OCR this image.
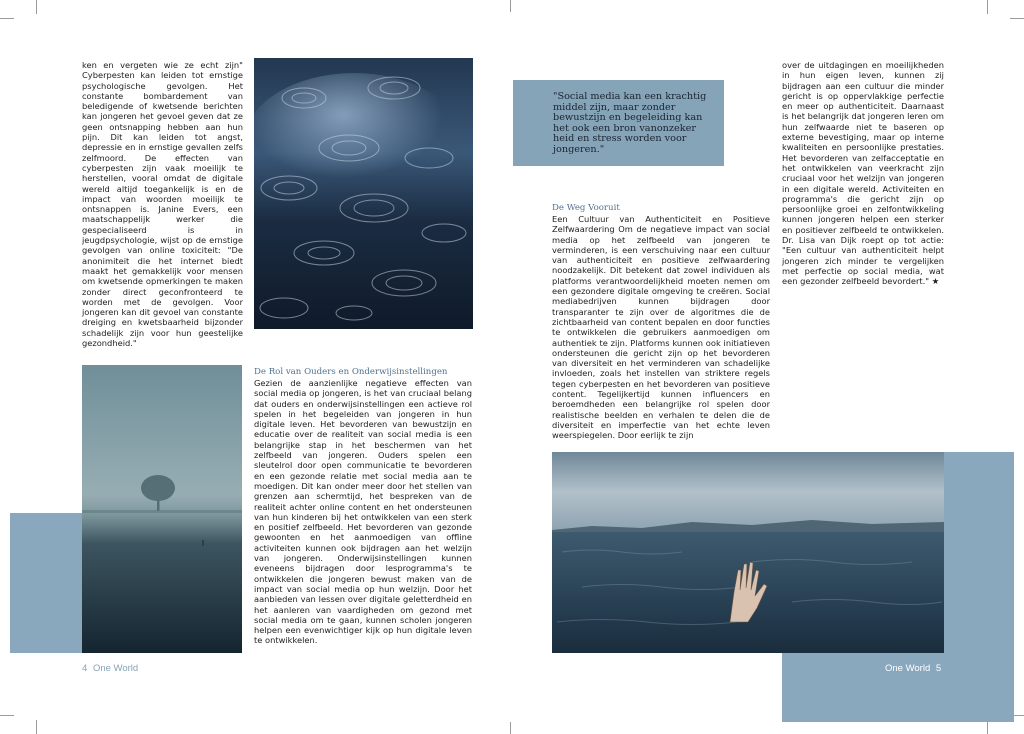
ken en vergeten wie ze echt zijn" Cyberpesten kan leiden tot ernstige psychologische gevolgen. Het constante bombardement van beledigende of kwetsende berichten kan jongeren het gevoel geven dat ze geen ontsnapping hebben aan hun pijn. Dit kan leiden tot angst, depressie en in ernstige gevallen zelfs zelfmoord. De effecten van cyberpesten zijn vaak moeilijk te herstellen, vooral omdat de digitale wereld altijd toegankelijk is en de impact van woorden moeilijk te ontsnappen is. Janine Evers, een maatschappelijk werker die gespecialiseerd is in jeugdpsychologie, wijst op de ernstige gevolgen van online toxiciteit: "De anonimiteit die het internet biedt maakt het gemakkelijk voor mensen om kwetsende opmerkingen te maken zonder direct geconfronteerd te worden met de gevolgen. Voor jongeren kan dit gevoel van constante dreiging en kwetsbaarheid bijzonder schadelijk zijn voor hun geestelijke gezondheid."

De Rol van Ouders en Onderwijsinstellingen

Gezien de aanzienlijke negatieve effecten van social media op jongeren, is het van cruciaal belang dat ouders en onderwijsinstellingen een actieve rol spelen in het begeleiden van jongeren in hun digitale leven. Het bevorderen van bewustzijn en educatie over de realiteit van social media is een belangrijke stap in het beschermen van het zelfbeeld van jongeren. Ouders spelen een sleutelrol door open communicatie te bevorderen en een gezonde relatie met social media aan te moedigen. Dit kan onder meer door het stellen van grenzen aan schermtijd, het bespreken van de realiteit achter online content en het ondersteunen van hun kinderen bij het ontwikkelen van een sterk en positief zelfbeeld. Het bevorderen van gezonde gewoonten en het aanmoedigen van offline activiteiten kunnen ook bijdragen aan het welzijn van jongeren. Onderwijsinstellingen kunnen eveneens bijdragen door lesprogramma's te ontwikkelen die jongeren bewust maken van de impact van social media op hun welzijn. Door het aanbieden van lessen over digitale geletterdheid en het aanleren van vaardigheden om gezond met social media om te gaan, kunnen scholen jongeren helpen een evenwichtiger kijk op hun digitale leven te ontwikkelen.

4 One World

"Social media kan een krachtig middel zijn, maar zonder bewustzijn en begeleiding kan het ook een bron vanonzeker heid en stress worden voor jongeren."

De Weg Vooruit

Een Cultuur van Authenticiteit en Positieve Zelfwaardering Om de negatieve impact van social media op het zelfbeeld van jongeren te verminderen, is een verschuiving naar een cultuur van authenticiteit en positieve zelfwaardering noodzakelijk. Dit betekent dat zowel individuen als platforms verantwoordelijkheid moeten nemen om een gezondere digitale omgeving te creëren. Social mediabedrijven kunnen bijdragen door transparanter te zijn over de algoritmes die de zichtbaarheid van content bepalen en door functies te ontwikkelen die gebruikers aanmoedigen om authentiek te zijn. Platforms kunnen ook initiatieven ondersteunen die gericht zijn op het bevorderen van diversiteit en het verminderen van schadelijke invloeden, zoals het instellen van striktere regels tegen cyberpesten en het bevorderen van positieve content. Tegelijkertijd kunnen influencers en beroemdheden een belangrijke rol spelen door realistische beelden en verhalen te delen die de diversiteit en imperfectie van het echte leven weerspiegelen. Door eerlijk te zijn

over de uitdagingen en moeilijkheden in hun eigen leven, kunnen zij bijdragen aan een cultuur die minder gericht is op oppervlakkige perfectie en meer op authenticiteit. Daarnaast is het belangrijk dat jongeren leren om hun zelfwaarde niet te baseren op externe bevestiging, maar op interne kwaliteiten en persoonlijke prestaties. Het bevorderen van zelfacceptatie en het ontwikkelen van veerkracht zijn cruciaal voor het welzijn van jongeren in een digitale wereld. Activiteiten en programma's die gericht zijn op persoonlijke groei en zelfontwikkeling kunnen jongeren helpen een sterker en positiever zelfbeeld te ontwikkelen. Dr. Lisa van Dijk roept op tot actie: "Een cultuur van authenticiteit helpt jongeren zich minder te vergelijken met perfectie op social media, wat een gezonder zelfbeeld bevordert." ★

One World 5
